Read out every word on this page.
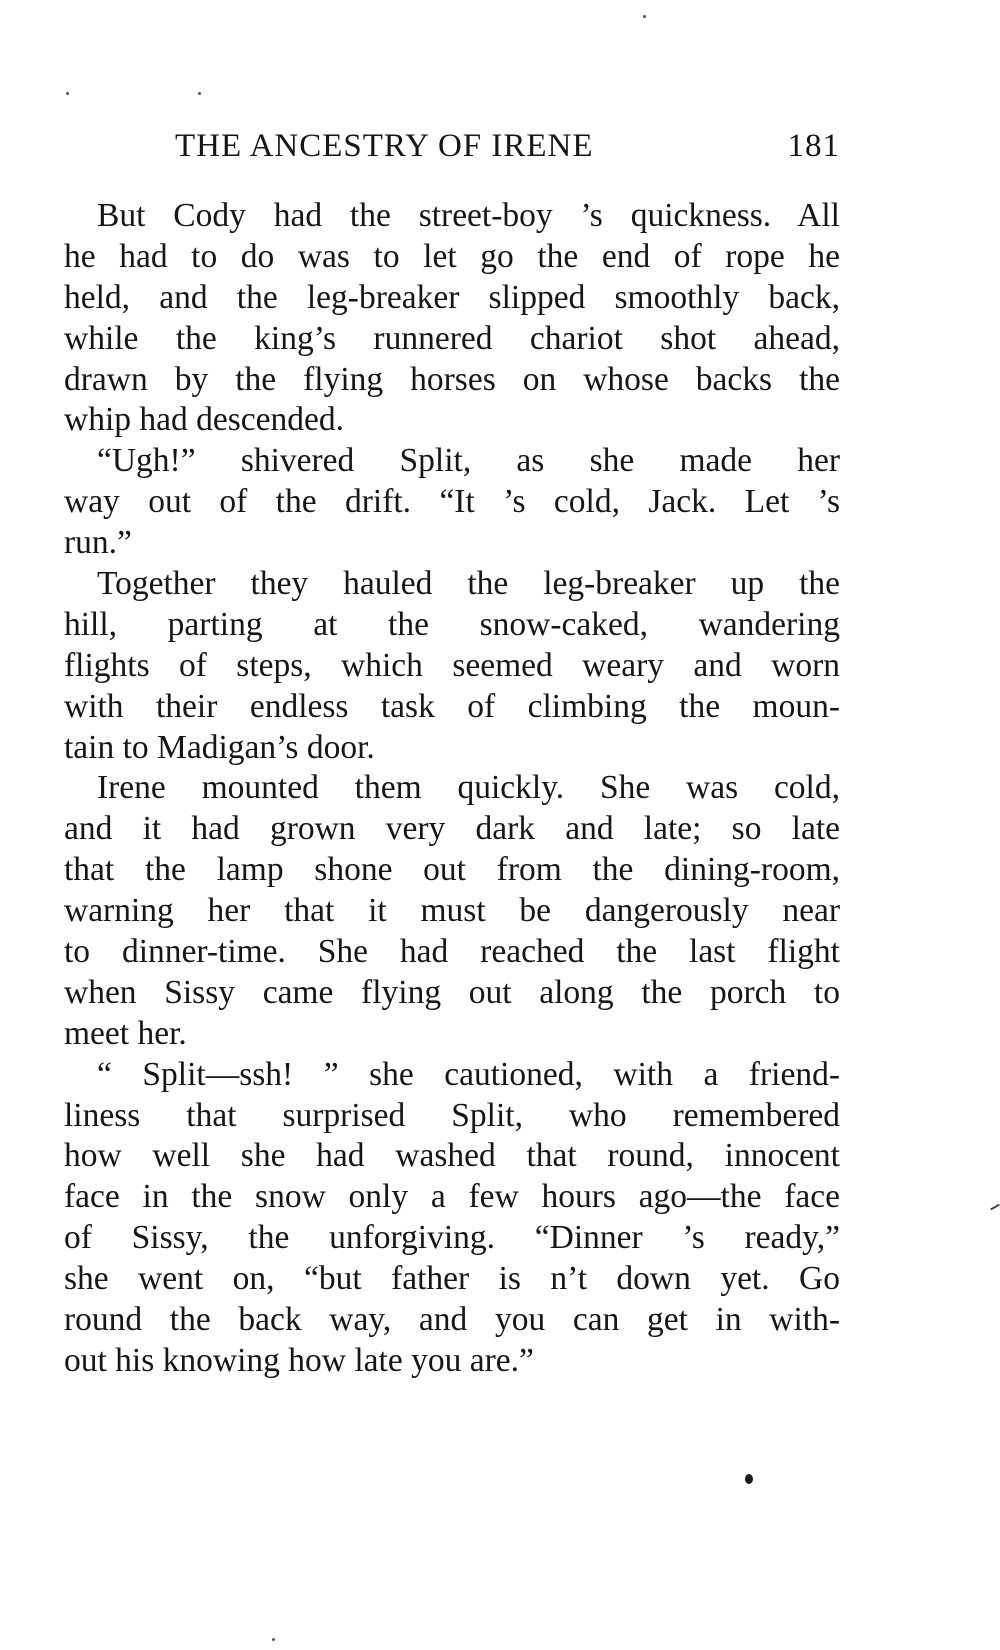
THE ANCESTRY OF IRENE	181
But Cody had the street-boy ’s quickness. All
he had to do was to let go the end of rope he
held, and the leg-breaker slipped smoothly back,
while the king’s runnered chariot shot ahead,
drawn by the flying horses on whose backs the
whip had descended.
“Ugh!” shivered Split, as she made her
way out of the drift. “It ’s cold, Jack. Let ’s
run.”
Together they hauled the leg-breaker up the
hill, parting at the snow-caked, wandering
flights of steps, which seemed weary and worn
with their endless task of climbing the moun-
tain to Madigan’s door.
Irene mounted them quickly. She was cold,
and it had grown very dark and late; so late
that the lamp shone out from the dining-room,
warning her that it must be dangerously near
to dinner-time. She had reached the last flight
when Sissy came flying out along the porch to
meet her.
“ Split—ssh! ” she cautioned, with a friend-
liness that surprised Split, who remembered
how well she had washed that round, innocent
face in the snow only a few hours ago—the face
of Sissy, the unforgiving. “Dinner ’s ready,”
she went on, “but father is n’t down yet. Go
round the back way, and you can get in with-
out his knowing how late you are.”
